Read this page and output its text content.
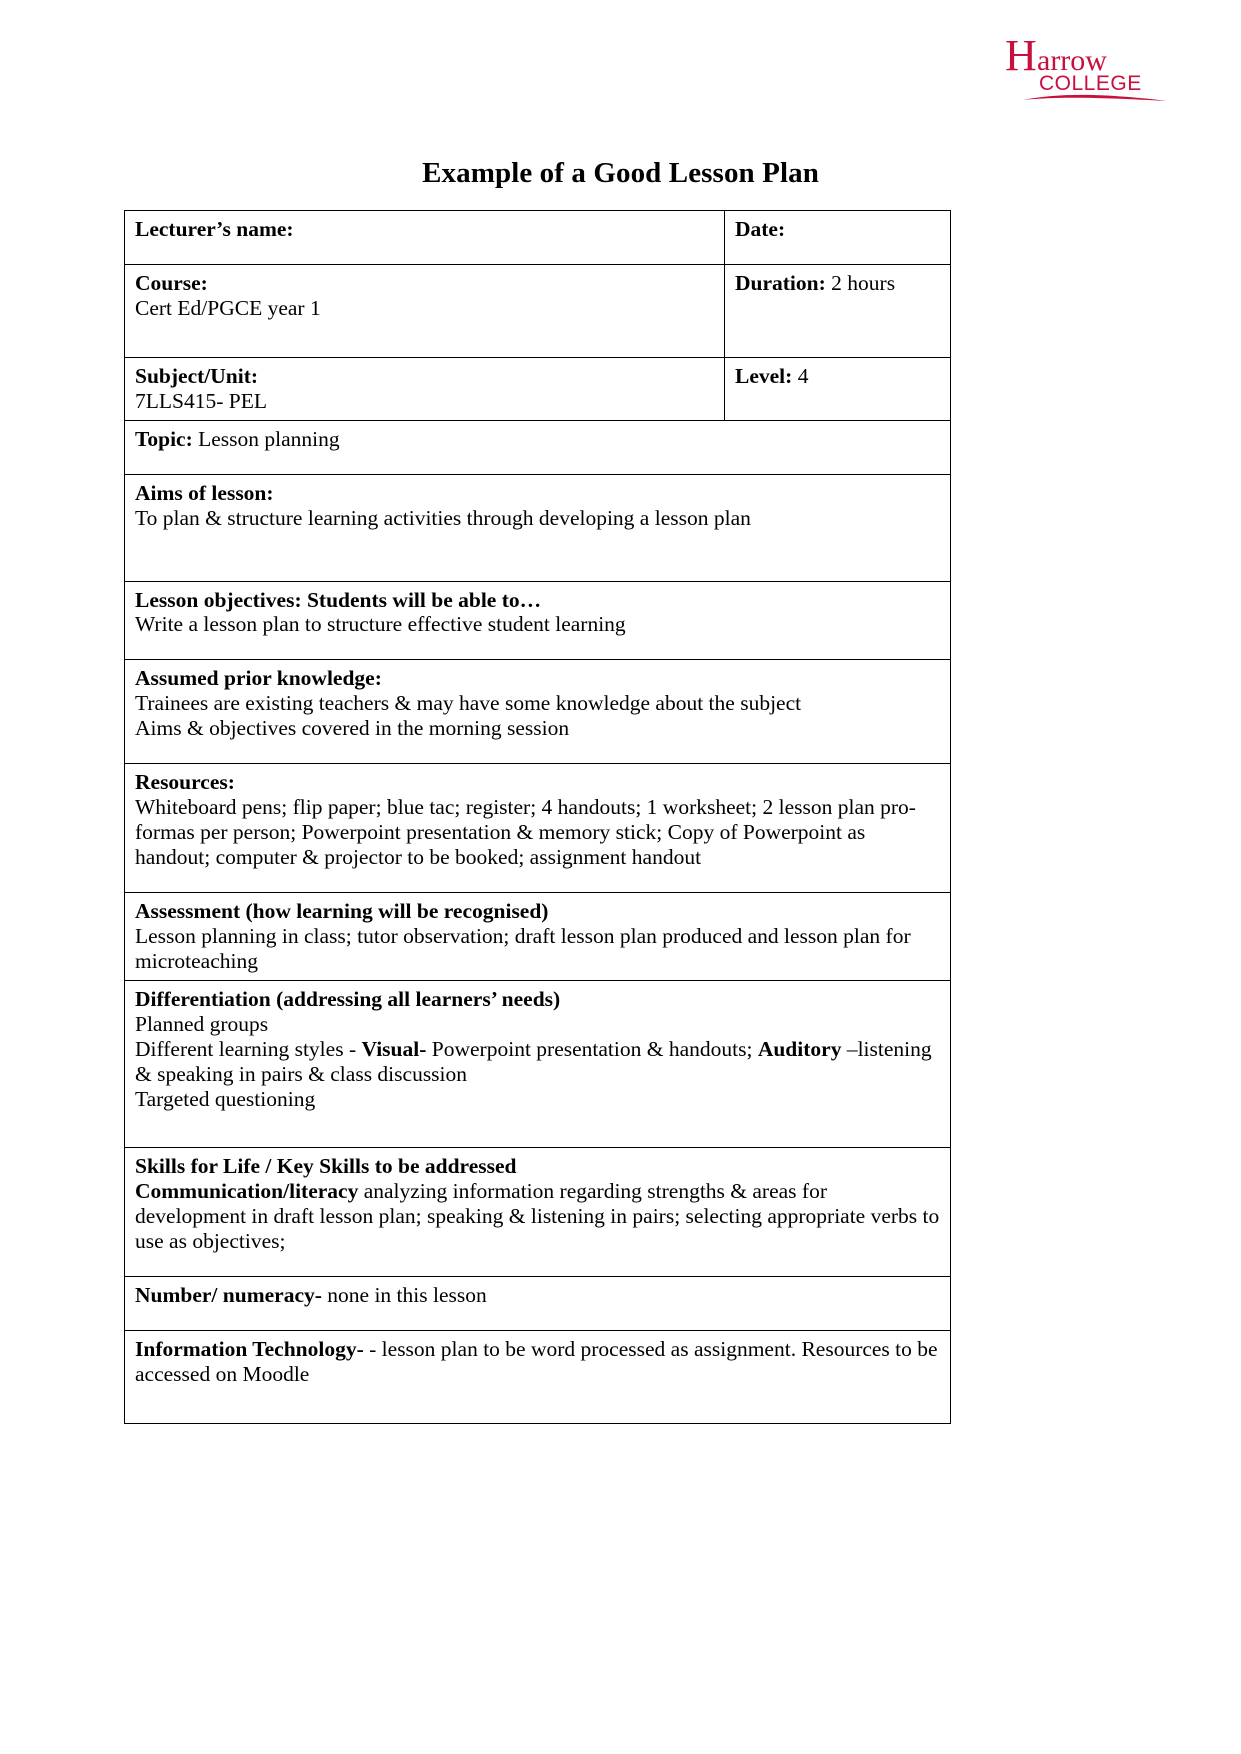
H arrow
COLLEGE
Example of a Good Lesson Plan
Lecturer’s name:	Date:

Course:
Cert Ed/PGCE year 1	Duration: 2 hours

Subject/Unit:
7LLS415- PEL	Level: 4
Topic: Lesson planning	

Aims of lesson:
To plan & structure learning activities through developing a lesson plan	

Lesson objectives: Students will be able to…
Write a lesson plan to structure effective student learning	

Assumed prior knowledge:
Trainees are existing teachers & may have some knowledge about the subject
Aims & objectives covered in the morning session	

Resources:
Whiteboard pens; flip paper; blue tac; register; 4 handouts; 1 worksheet; 2 lesson plan pro-formas per person; Powerpoint presentation & memory stick; Copy of Powerpoint as handout; computer & projector to be booked; assignment handout	

Assessment (how learning will be recognised)
Lesson planning in class; tutor observation; draft lesson plan produced and lesson plan for microteaching	

Differentiation (addressing all learners’ needs)
Planned groups
Different learning styles - Visual- Powerpoint presentation & handouts; Auditory –listening & speaking in pairs & class discussion
Targeted questioning	

Skills for Life / Key Skills to be addressed
Communication/literacy analyzing information regarding strengths & areas for development in draft lesson plan; speaking & listening in pairs; selecting appropriate verbs to use as objectives;	

Number/ numeracy- none in this lesson	

Information Technology- - lesson plan to be word processed as assignment. Resources to be accessed on Moodle	
